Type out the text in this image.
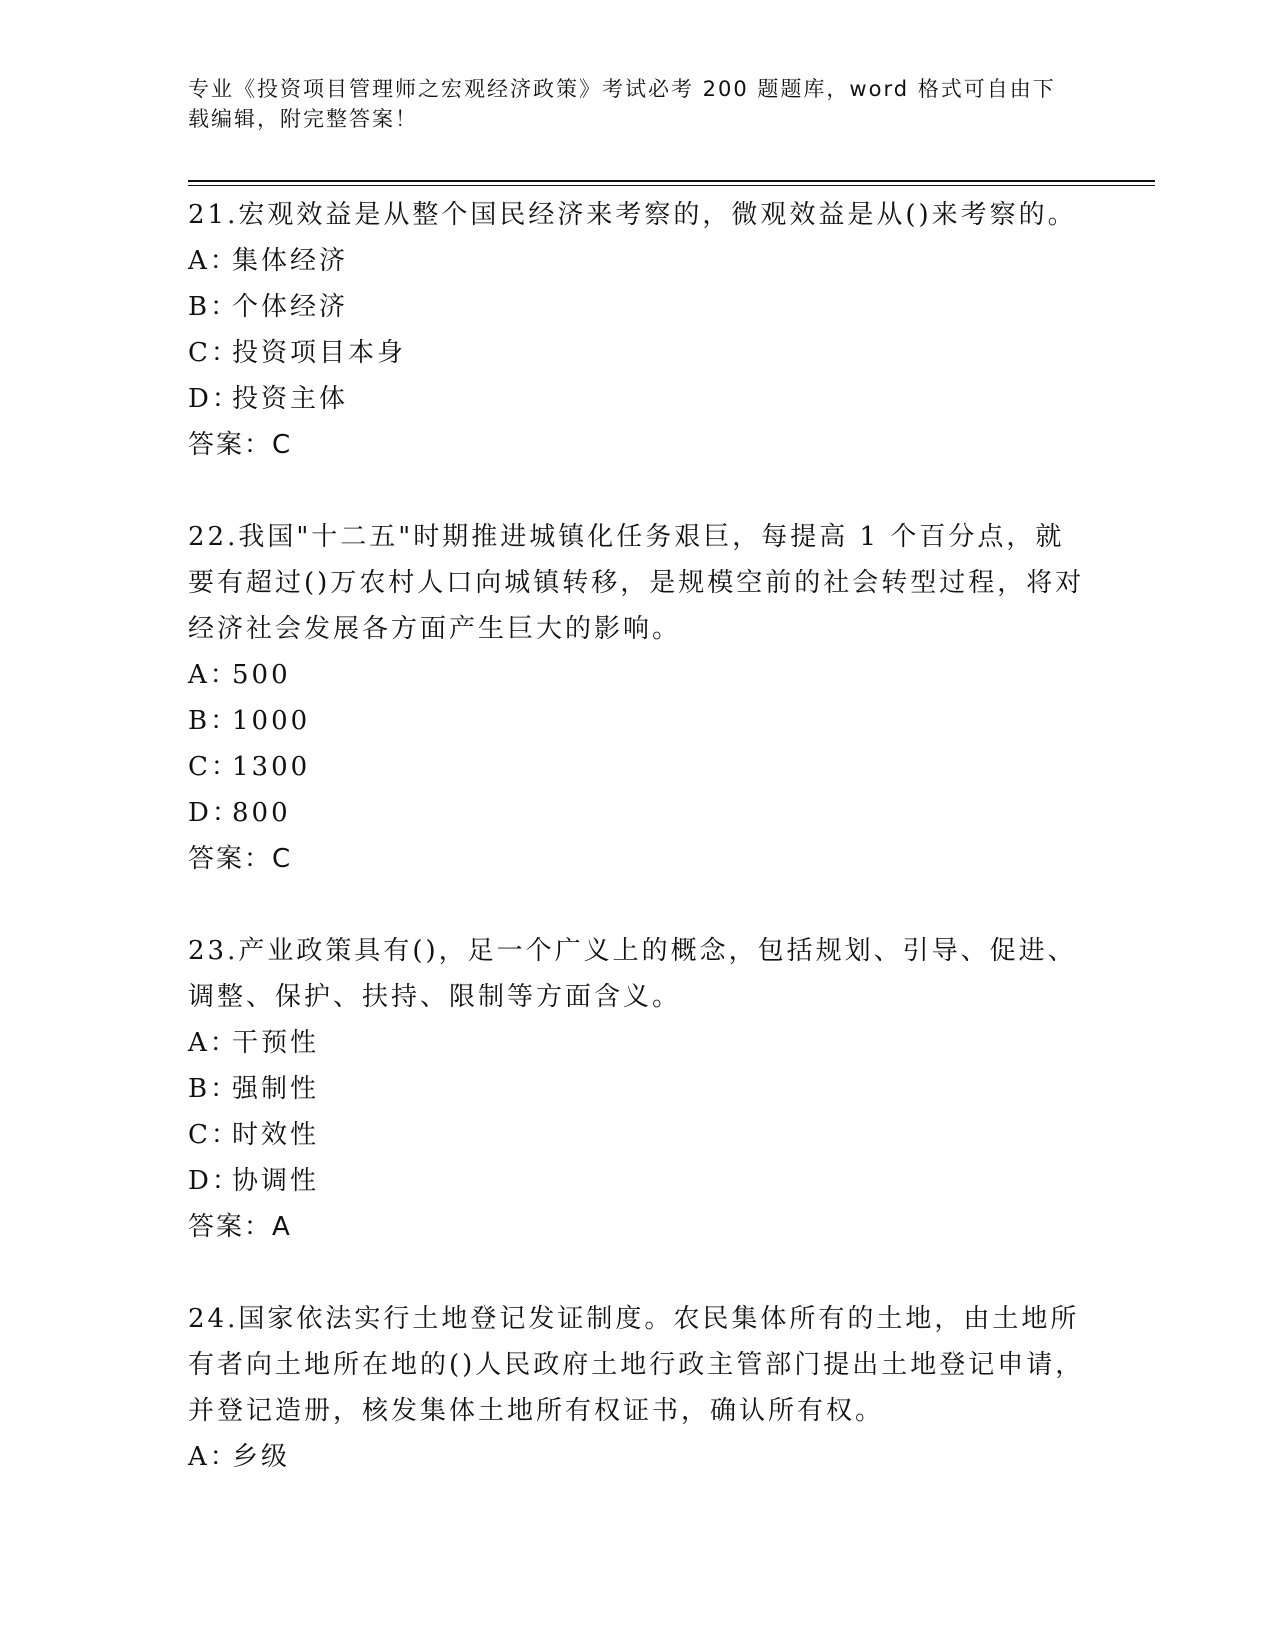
专业《投资项目管理师之宏观经济政策》考试必考 200 题题库，word 格式可自由下载编辑，附完整答案！

21.宏观效益是从整个国民经济来考察的，微观效益是从()来考察的。

A：
集体经济

B：
个体经济

C：
投资项目本身

D：
投资主体

答案：C

22.我国"十二五"时期推进城镇化任务艰巨，每提高 1 个百分点，就要有超过()万农村人口向城镇转移，是规模空前的社会转型过程，将对经济社会发展各方面产生巨大的影响。

A：
500

B：
1000

C：
1300

D：
800

答案：C

23.产业政策具有()，足一个广义上的概念，包括规划、引导、促进、调整、保护、扶持、限制等方面含义。

A：
干预性

B：
强制性

C：
时效性

D：
协调性

答案：A

24.国家依法实行土地登记发证制度。农民集体所有的土地，由土地所有者向土地所在地的()人民政府土地行政主管部门提出土地登记申请，并登记造册，核发集体土地所有权证书，确认所有权。

A：
乡级
